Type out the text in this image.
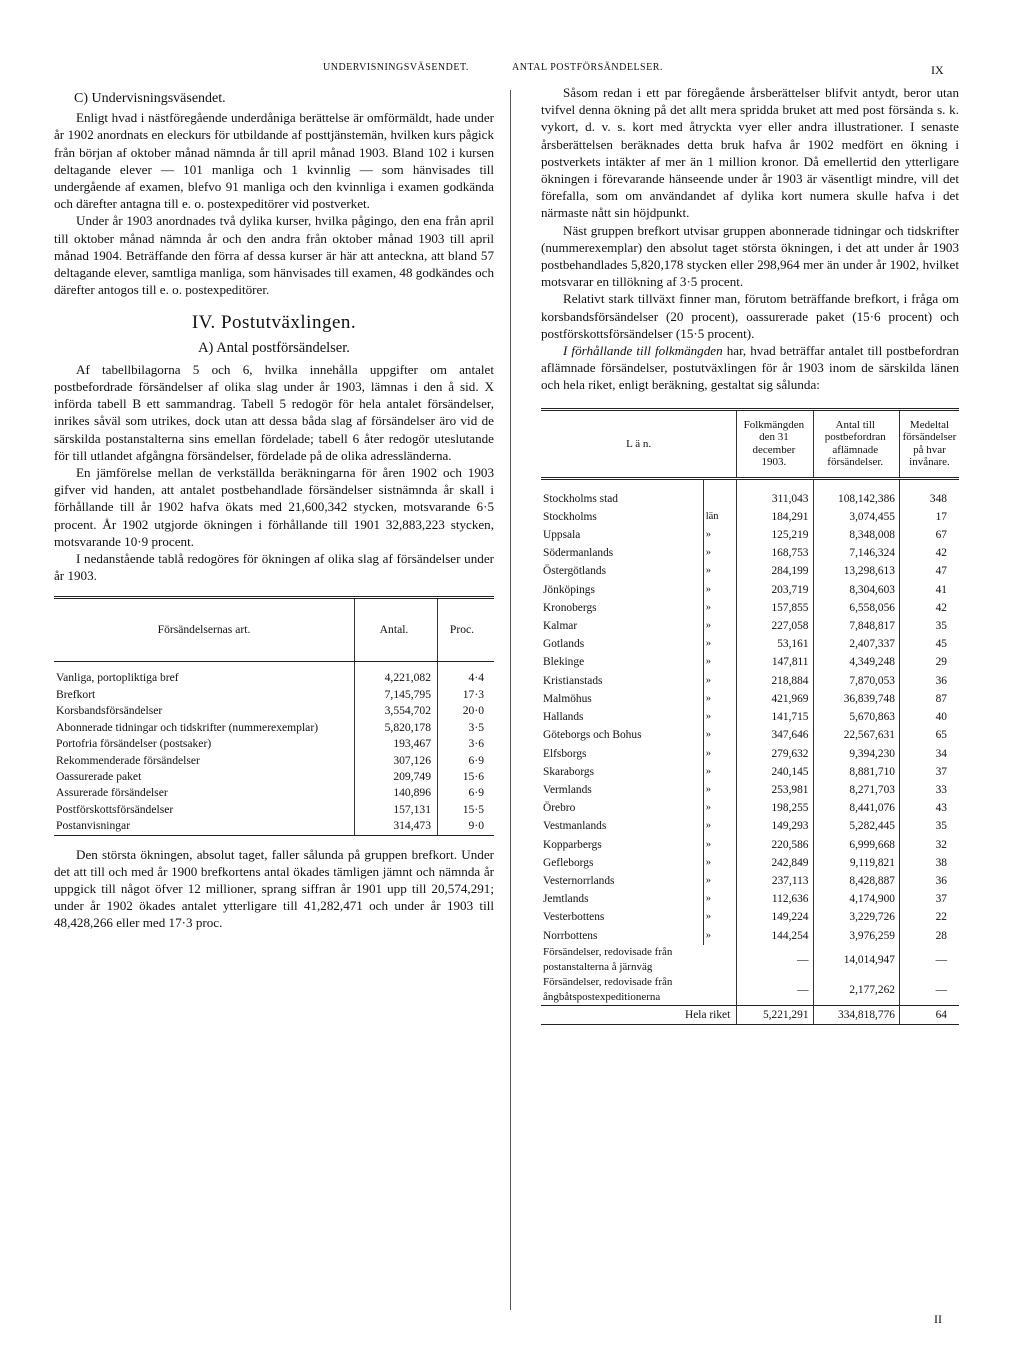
UNDERVISNINGSVÄSENDET.	ANTAL POSTFÖRSÄNDELSER.	IX
C) Undervisningsväsendet.

Enligt hvad i nästföregående underdåniga berättelse är omförmäldt, hade under år 1902 anordnats en eleckurs för utbildande af posttjänstemän, hvilken kurs pågick från början af oktober månad nämnda år till april månad 1903. Bland 102 i kursen deltagande elever — 101 manliga och 1 kvinnlig — som hänvisades till undergående af examen, blefvo 91 manliga och den kvinnliga i examen godkända och därefter antagna till e. o. postexpeditörer vid postverket.

Under år 1903 anordnades två dylika kurser, hvilka pågingo, den ena från april till oktober månad nämnda år och den andra från oktober månad 1903 till april månad 1904. Beträffande den förra af dessa kurser är här att anteckna, att bland 57 deltagande elever, samtliga manliga, som hänvisades till examen, 48 godkändes och därefter antogos till e. o. postexpeditörer.

IV. Postutväxlingen.
A) Antal postförsändelser.

Af tabellbilagorna 5 och 6, hvilka innehålla uppgifter om antalet postbefordrade försändelser af olika slag under år 1903, lämnas i den å sid. X införda tabell B ett sammandrag. Tabell 5 redogör för hela antalet försändelser, inrikes såväl som utrikes, dock utan att dessa båda slag af försändelser äro vid de särskilda postanstalterna sins emellan fördelade; tabell 6 åter redogör uteslutande för till utlandet afgångna försändelser, fördelade på de olika adressländerna.

En jämförelse mellan de verkställda beräkningarna för åren 1902 och 1903 gifver vid handen, att antalet postbehandlade försändelser sistnämnda år skall i förhållande till år 1902 hafva ökats med 21,600,342 stycken, motsvarande 6·5 procent. År 1902 utgjorde ökningen i förhållande till 1901 32,883,223 stycken, motsvarande 10·9 procent.

I nedanstående tablå redogöres för ökningen af olika slag af försändelser under år 1903.

Försändelsernas art.	Antal.	Proc.
Vanliga, portopliktiga bref	4,221,082	4·4
Brefkort	7,145,795	17·3
Korsbandsförsändelser	3,554,702	20·0
Abonnerade tidningar och tidskrifter (nummerexemplar)	5,820,178	3·5
Portofria försändelser (postsaker)	193,467	3·6
Rekommenderade försändelser	307,126	6·9
Oassurerade paket	209,749	15·6
Assurerade försändelser	140,896	6·9
Postförskottsförsändelser	157,131	15·5
Postanvisningar	314,473	9·0

Den största ökningen, absolut taget, faller sålunda på gruppen brefkort. Under det att till och med år 1900 brefkortens antal ökades tämligen jämnt och nämnda år uppgick till något öfver 12 millioner, sprang siffran år 1901 upp till 20,574,291; under år 1902 ökades antalet ytterligare till 41,282,471 och under år 1903 till 48,428,266 eller med 17·3 proc.

Såsom redan i ett par föregående årsberättelser blifvit antydt, beror utan tvifvel denna ökning på det allt mera spridda bruket att med post försända s. k. vykort, d. v. s. kort med åtryckta vyer eller andra illustrationer. I senaste årsberättelsen beräknades detta bruk hafva år 1902 medfört en ökning i postverkets intäkter af mer än 1 million kronor. Då emellertid den ytterligare ökningen i förevarande hänseende under år 1903 är väsentligt mindre, vill det förefalla, som om användandet af dylika kort numera skulle hafva i det närmaste nått sin höjdpunkt.

Näst gruppen brefkort utvisar gruppen abonnerade tidningar och tidskrifter (nummerexemplar) den absolut taget största ökningen, i det att under år 1903 postbehandlades 5,820,178 stycken eller 298,964 mer än under år 1902, hvilket motsvarar en tillökning af 3·5 procent.

Relativt stark tillväxt finner man, förutom beträffande brefkort, i fråga om korsbandsförsändelser (20 procent), oassurerade paket (15·6 procent) och postförskottsförsändelser (15·5 procent).

I förhållande till folkmängden har, hvad beträffar antalet till postbefordran aflämnade försändelser, postutväxlingen för år 1903 inom de särskilda länen och hela riket, enligt beräkning, gestaltat sig sålunda:

L ä n.		Folkmängden den 31 december 1903.	Antal till postbefordran aflämnade försändelser.	Medeltal försändelser på hvar invånare.
Stockholms stad		311,043	108,142,386	348
Stockholms	län	184,291	3,074,455	17
Uppsala	»	125,219	8,348,008	67
Södermanlands	»	168,753	7,146,324	42
Östergötlands	»	284,199	13,298,613	47
Jönköpings	»	203,719	8,304,603	41
Kronobergs	»	157,855	6,558,056	42
Kalmar	»	227,058	7,848,817	35
Gotlands	»	53,161	2,407,337	45
Blekinge	»	147,811	4,349,248	29
Kristianstads	»	218,884	7,870,053	36
Malmöhus	»	421,969	36,839,748	87
Hallands	»	141,715	5,670,863	40
Göteborgs och Bohus	»	347,646	22,567,631	65
Elfsborgs	»	279,632	9,394,230	34
Skaraborgs	»	240,145	8,881,710	37
Vermlands	»	253,981	8,271,703	33
Örebro	»	198,255	8,441,076	43
Vestmanlands	»	149,293	5,282,445	35
Kopparbergs	»	220,586	6,999,668	32
Gefleborgs	»	242,849	9,119,821	38
Vesternorrlands	»	237,113	8,428,887	36
Jemtlands	»	112,636	4,174,900	37
Vesterbottens	»	149,224	3,229,726	22
Norrbottens	»	144,254	3,976,259	28
Försändelser, redovisade från postanstalterna å järnväg		—	14,014,947	—
Försändelser, redovisade från ångbåtspostexpeditionerna		—	2,177,262	—
Hela riket		5,221,291	334,818,776	64
II
